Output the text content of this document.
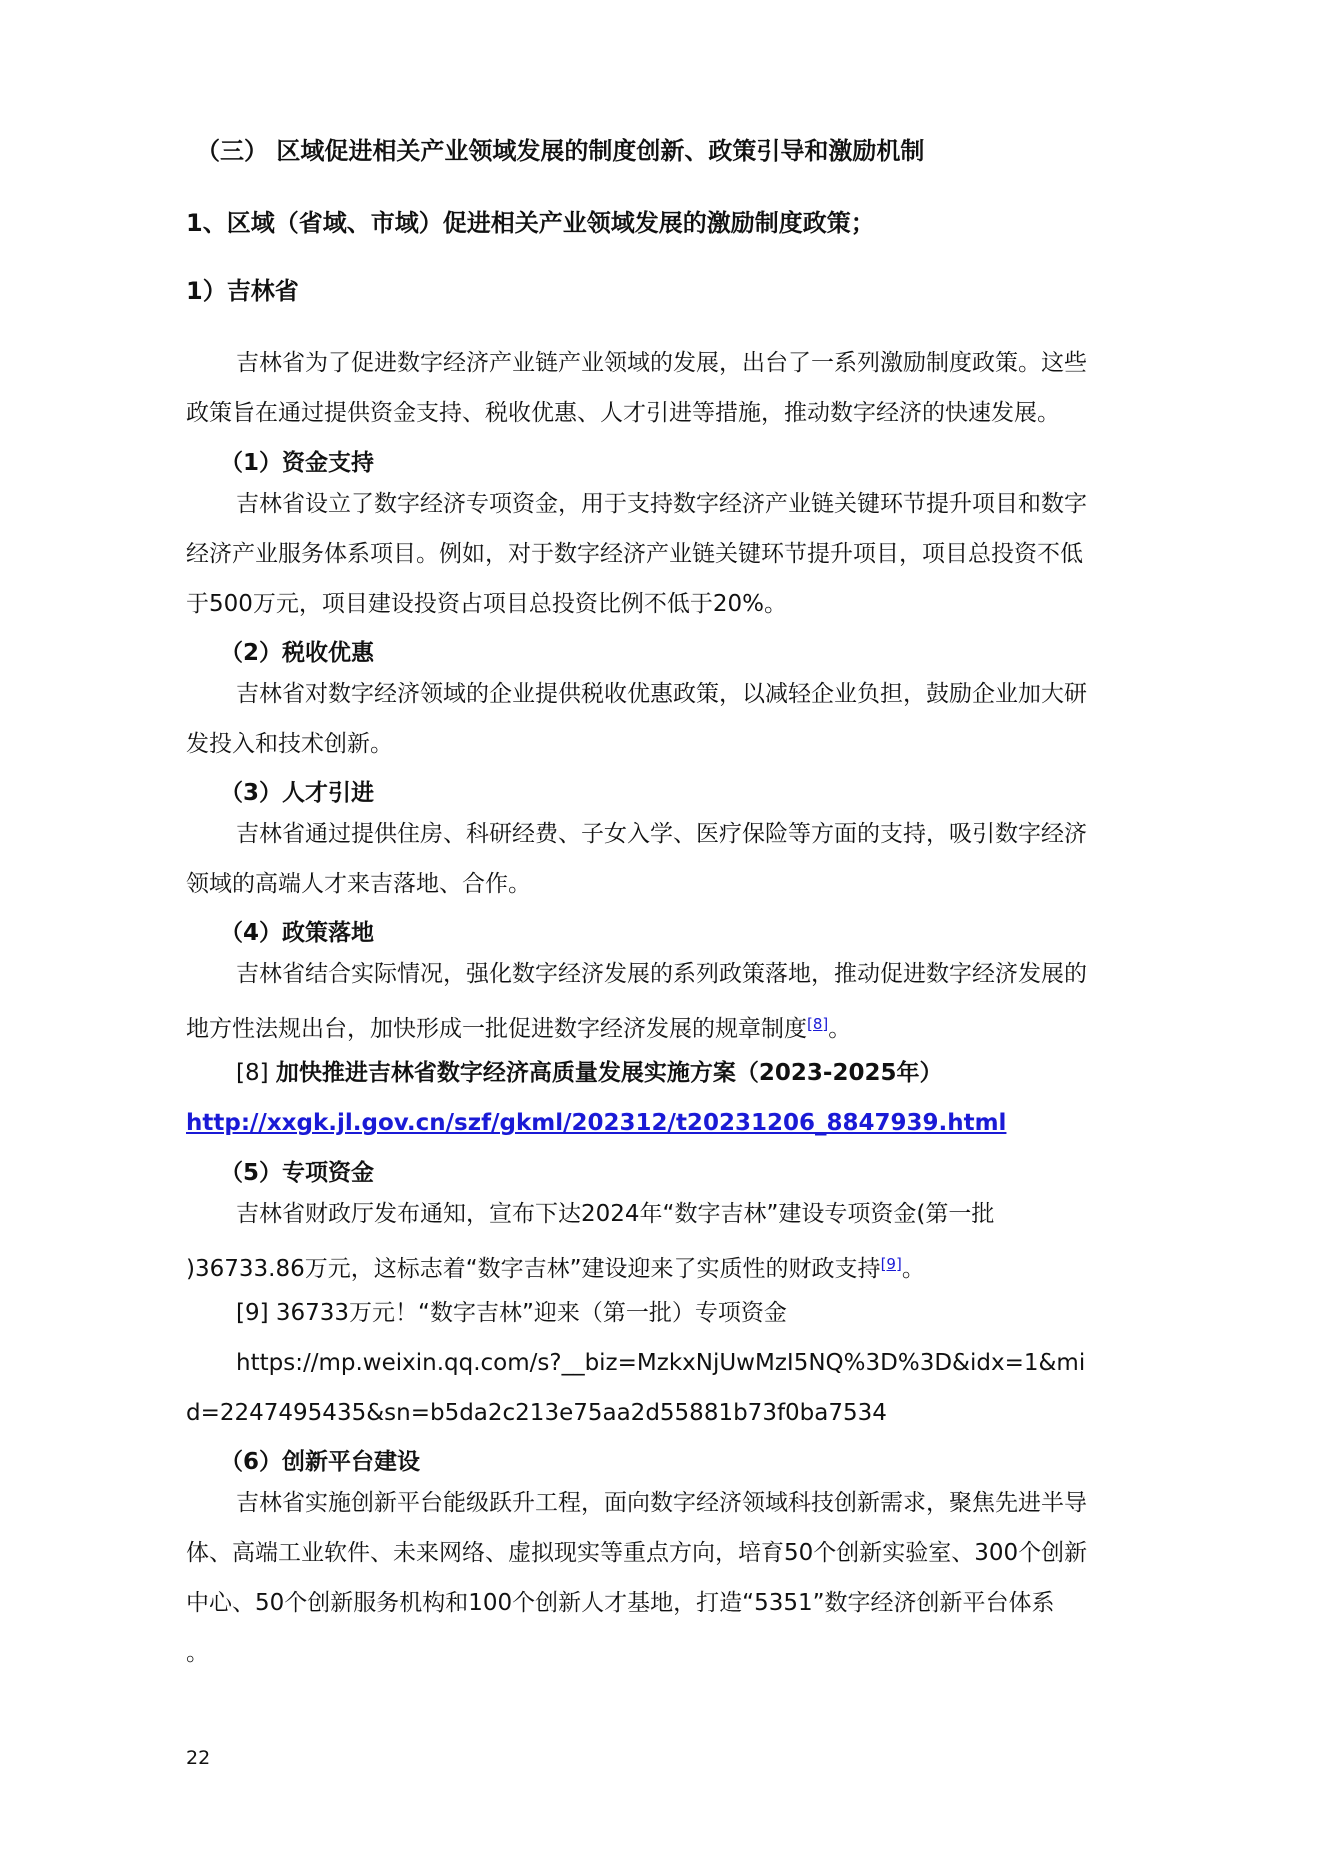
（三） 区域促进相关产业领域发展的制度创新、政策引导和激励机制
1、区域（省域、市域）促进相关产业领域发展的激励制度政策；
1）吉林省
吉林省为了促进数字经济产业链产业领域的发展，出台了一系列激励制度政策。这些
政策旨在通过提供资金支持、税收优惠、人才引进等措施，推动数字经济的快速发展。
（1）资金支持
吉林省设立了数字经济专项资金，用于支持数字经济产业链关键环节提升项目和数字
经济产业服务体系项目。例如，对于数字经济产业链关键环节提升项目，项目总投资不低
于500万元，项目建设投资占项目总投资比例不低于20%。
（2）税收优惠
吉林省对数字经济领域的企业提供税收优惠政策，以减轻企业负担，鼓励企业加大研
发投入和技术创新。
（3）人才引进
吉林省通过提供住房、科研经费、子女入学、医疗保险等方面的支持，吸引数字经济
领域的高端人才来吉落地、合作。
（4）政策落地
吉林省结合实际情况，强化数字经济发展的系列政策落地，推动促进数字经济发展的
地方性法规出台，加快形成一批促进数字经济发展的规章制度[8]。
[8] 加快推进吉林省数字经济高质量发展实施方案（2023-2025年）
http://xxgk.jl.gov.cn/szf/gkml/202312/t20231206_8847939.html
（5）专项资金
吉林省财政厅发布通知，宣布下达2024年“数字吉林”建设专项资金(第一批
)36733.86万元，这标志着“数字吉林”建设迎来了实质性的财政支持[9]。
[9] 36733万元！“数字吉林”迎来（第一批）专项资金
https://mp.weixin.qq.com/s?__biz=MzkxNjUwMzI5NQ%3D%3D&idx=1&mi
d=2247495435&sn=b5da2c213e75aa2d55881b73f0ba7534
（6）创新平台建设
吉林省实施创新平台能级跃升工程，面向数字经济领域科技创新需求，聚焦先进半导
体、高端工业软件、未来网络、虚拟现实等重点方向，培育50个创新实验室、300个创新
中心、50个创新服务机构和100个创新人才基地，打造“5351”数字经济创新平台体系
。
22
